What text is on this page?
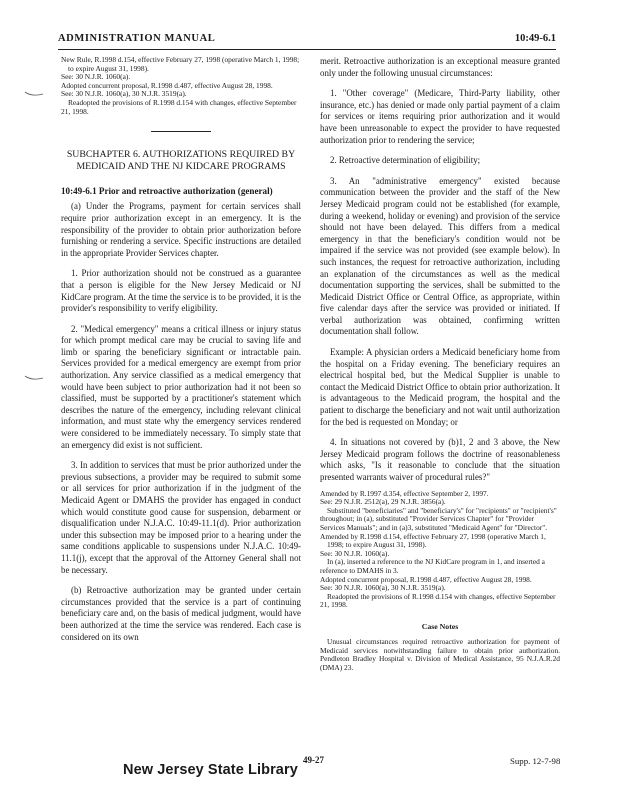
ADMINISTRATION MANUAL	10:49-6.1

New Rule, R.1998 d.154, effective February 27, 1998 (operative March 1, 1998; to expire August 31, 1998).

See: 30 N.J.R. 1060(a).

Adopted concurrent proposal, R.1998 d.487, effective August 28, 1998.

See: 30 N.J.R. 1060(a), 30 N.J.R. 3519(a).

Readopted the provisions of R.1998 d.154 with changes, effective September 21, 1998.

SUBCHAPTER 6. AUTHORIZATIONS REQUIRED BY MEDICAID AND THE NJ KIDCARE PROGRAMS
10:49-6.1 Prior and retroactive authorization (general)

(a) Under the Programs, payment for certain services shall require prior authorization except in an emergency. It is the responsibility of the provider to obtain prior authorization before furnishing or rendering a service. Specific instructions are detailed in the appropriate Provider Services chapter.

1. Prior authorization should not be construed as a guarantee that a person is eligible for the New Jersey Medicaid or NJ KidCare program. At the time the service is to be provided, it is the provider's responsibility to verify eligibility.

2. "Medical emergency" means a critical illness or injury status for which prompt medical care may be crucial to saving life and limb or sparing the beneficiary significant or intractable pain. Services provided for a medical emergency are exempt from prior authorization. Any service classified as a medical emergency that would have been subject to prior authorization had it not been so classified, must be supported by a practitioner's statement which describes the nature of the emergency, including relevant clinical information, and must state why the emergency services rendered were considered to be immediately necessary. To simply state that an emergency did exist is not sufficient.

3. In addition to services that must be prior authorized under the previous subsections, a provider may be required to submit some or all services for prior authorization if in the judgment of the Medicaid Agent or DMAHS the provider has engaged in conduct which would constitute good cause for suspension, debarment or disqualification under N.J.A.C. 10:49-11.1(d). Prior authorization under this subsection may be imposed prior to a hearing under the same conditions applicable to suspensions under N.J.A.C. 10:49-11.1(j), except that the approval of the Attorney General shall not be necessary.

(b) Retroactive authorization may be granted under certain circumstances provided that the service is a part of continuing beneficiary care and, on the basis of medical judgment, would have been authorized at the time the service was rendered. Each case is considered on its own

merit. Retroactive authorization is an exceptional measure granted only under the following unusual circumstances:

1. "Other coverage" (Medicare, Third-Party liability, other insurance, etc.) has denied or made only partial payment of a claim for services or items requiring prior authorization and it would have been unreasonable to expect the provider to have requested authorization prior to rendering the service;

2. Retroactive determination of eligibility;

3. An "administrative emergency" existed because communication between the provider and the staff of the New Jersey Medicaid program could not be established (for example, during a weekend, holiday or evening) and provision of the service should not have been delayed. This differs from a medical emergency in that the beneficiary's condition would not be impaired if the service was not provided (see example below). In such instances, the request for retroactive authorization, including an explanation of the circumstances as well as the medical documentation supporting the services, shall be submitted to the Medicaid District Office or Central Office, as appropriate, within five calendar days after the service was provided or initiated. If verbal authorization was obtained, confirming written documentation shall follow.

Example: A physician orders a Medicaid beneficiary home from the hospital on a Friday evening. The beneficiary requires an electrical hospital bed, but the Medical Supplier is unable to contact the Medicaid District Office to obtain prior authorization. It is advantageous to the Medicaid program, the hospital and the patient to discharge the beneficiary and not wait until authorization for the bed is requested on Monday; or

4. In situations not covered by (b)1, 2 and 3 above, the New Jersey Medicaid program follows the doctrine of reasonableness which asks, "Is it reasonable to conclude that the situation presented warrants waiver of procedural rules?"

Amended by R.1997 d.354, effective September 2, 1997.

See: 29 N.J.R. 2512(a), 29 N.J.R. 3856(a).

Substituted "beneficiaries" and "beneficiary's" for "recipients" or "recipient's" throughout; in (a), substituted "Provider Services Chapter" for "Provider Services Manuals"; and in (a)3, substituted "Medicaid Agent" for "Director".

Amended by R.1998 d.154, effective February 27, 1998 (operative March 1, 1998; to expire August 31, 1998).

See: 30 N.J.R. 1060(a).

In (a), inserted a reference to the NJ KidCare program in 1, and inserted a reference to DMAHS in 3.

Adopted concurrent proposal, R.1998 d.487, effective August 28, 1998.

See: 30 N.J.R. 1060(a), 30 N.J.R. 3519(a).

Readopted the provisions of R.1998 d.154 with changes, effective September 21, 1998.

Case Notes

Unusual circumstances required retroactive authorization for payment of Medicaid services notwithstanding failure to obtain prior authorization. Pendleton Bradley Hospital v. Division of Medical Assistance, 95 N.J.A.R.2d (DMA) 23.

New Jersey State Library
49-27	Supp. 12-7-98
